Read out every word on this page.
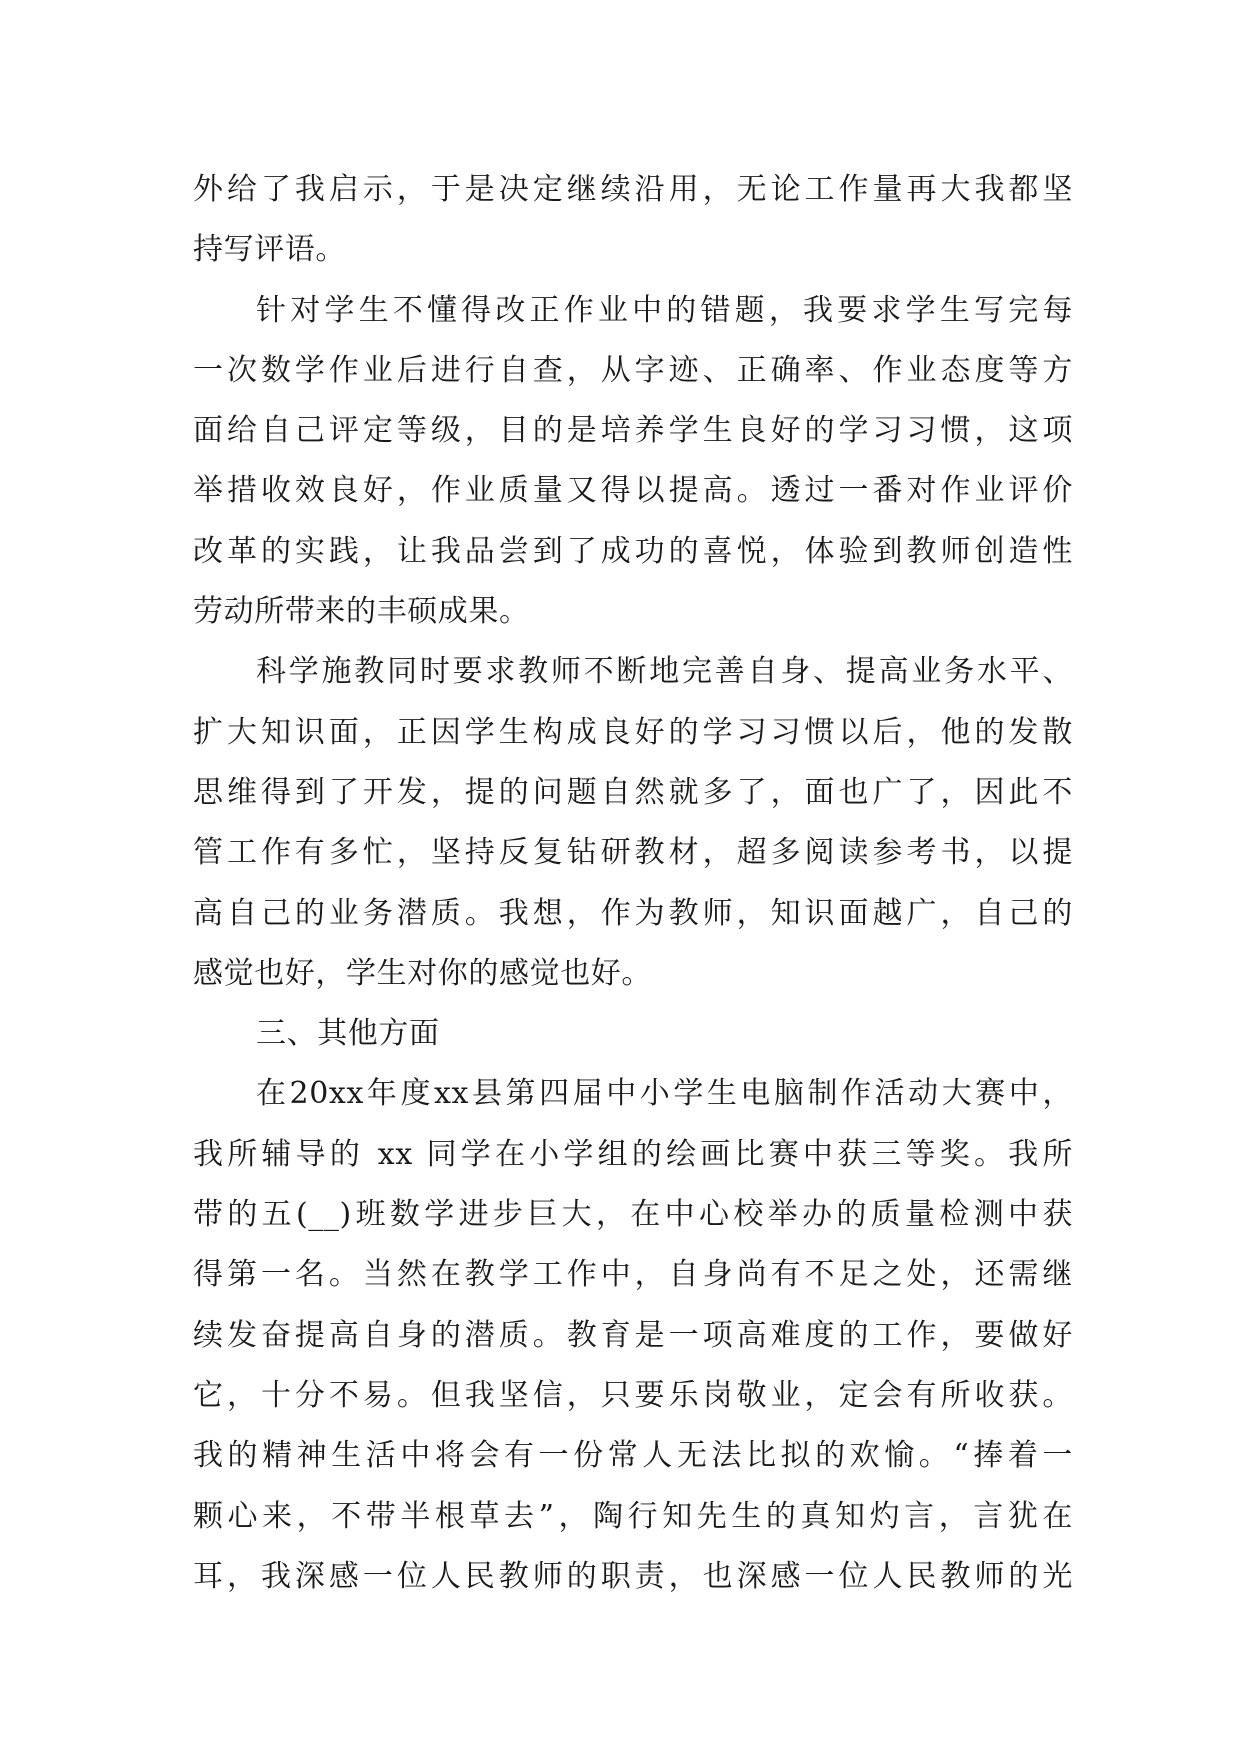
外给了我启示，于是决定继续沿用，无论工作量再大我都坚
持写评语。
针对学生不懂得改正作业中的错题，我要求学生写完每
一次数学作业后进行自查，从字迹、正确率、作业态度等方
面给自己评定等级，目的是培养学生良好的学习习惯，这项
举措收效良好，作业质量又得以提高。透过一番对作业评价
改革的实践，让我品尝到了成功的喜悦，体验到教师创造性
劳动所带来的丰硕成果。
科学施教同时要求教师不断地完善自身、提高业务水平、
扩大知识面，正因学生构成良好的学习习惯以后，他的发散
思维得到了开发，提的问题自然就多了，面也广了，因此不
管工作有多忙，坚持反复钻研教材，超多阅读参考书，以提
高自己的业务潜质。我想，作为教师，知识面越广，自己的
感觉也好，学生对你的感觉也好。
三、其他方面
在20xx年度xx县第四届中小学生电脑制作活动大赛中，
我所辅导的 xx 同学在小学组的绘画比赛中获三等奖。我所
带的五(__)班数学进步巨大，在中心校举办的质量检测中获
得第一名。当然在教学工作中，自身尚有不足之处，还需继
续发奋提高自身的潜质。教育是一项高难度的工作，要做好
它，十分不易。但我坚信，只要乐岗敬业，定会有所收获。
我的精神生活中将会有一份常人无法比拟的欢愉。“捧着一
颗心来，不带半根草去”，陶行知先生的真知灼言，言犹在
耳，我深感一位人民教师的职责，也深感一位人民教师的光
